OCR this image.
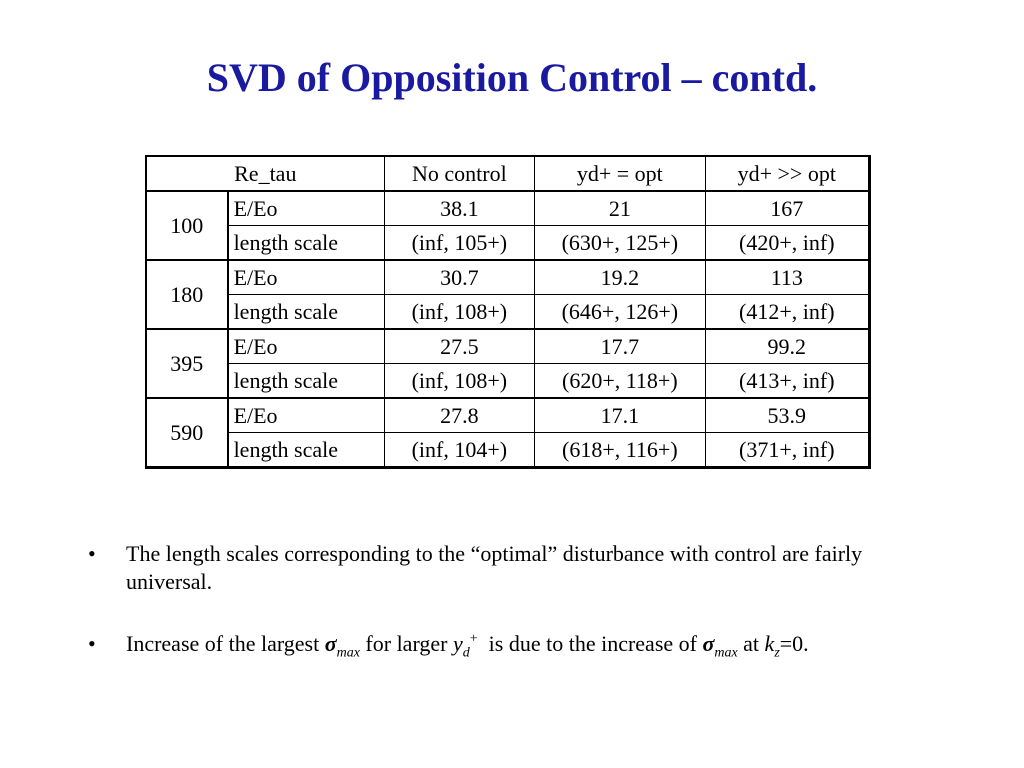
SVD of Opposition Control – contd.
Re_tau		No control	yd+ = opt	yd+ >> opt
100	E/Eo	38.1	21	167
	length scale	(inf, 105+)	(630+, 125+)	(420+, inf)
180	E/Eo	30.7	19.2	113
	length scale	(inf, 108+)	(646+, 126+)	(412+, inf)
395	E/Eo	27.5	17.7	99.2
	length scale	(inf, 108+)	(620+, 118+)	(413+, inf)
590	E/Eo	27.8	17.1	53.9
	length scale	(inf, 104+)	(618+, 116+)	(371+, inf)
• The length scales corresponding to the “optimal” disturbance with control are fairly universal.
• Increase of the largest $\sigma_{max}$ for larger $y_d^+$  is due to the increase of $\sigma_{max}$ at $k_z=0$.
